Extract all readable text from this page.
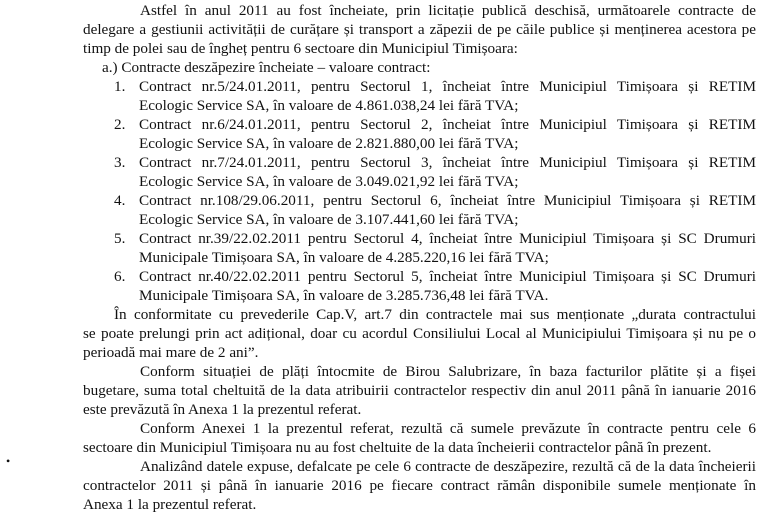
Astfel în anul 2011 au fost încheiate, prin licitație publică deschisă, următoarele contracte de
delegare a gestiunii activității de curățare și transport a zăpezii de pe căile publice și menținerea acestora pe
timp de polei sau de îngheț pentru 6 sectoare din Municipiul Timișoara:
a.) Contracte deszăpezire încheiate – valoare contract:
1. Contract nr.5/24.01.2011, pentru Sectorul 1, încheiat între Municipiul Timișoara și RETIM
Ecologic Service SA, în valoare de 4.861.038,24 lei fără TVA;
2. Contract nr.6/24.01.2011, pentru Sectorul 2, încheiat între Municipiul Timișoara și RETIM
Ecologic Service SA, în valoare de 2.821.880,00 lei fără TVA;
3. Contract nr.7/24.01.2011, pentru Sectorul 3, încheiat între Municipiul Timișoara și RETIM
Ecologic Service SA, în valoare de 3.049.021,92 lei fără TVA;
4. Contract nr.108/29.06.2011, pentru Sectorul 6, încheiat între Municipiul Timișoara și RETIM
Ecologic Service SA, în valoare de 3.107.441,60 lei fără TVA;
5. Contract nr.39/22.02.2011 pentru Sectorul 4, încheiat între Municipiul Timișoara și SC Drumuri
Municipale Timișoara SA, în valoare de 4.285.220,16 lei fără TVA;
6. Contract nr.40/22.02.2011 pentru Sectorul 5, încheiat între Municipiul Timișoara și SC Drumuri
Municipale Timișoara SA, în valoare de 3.285.736,48 lei fără TVA.
În conformitate cu prevederile Cap.V, art.7 din contractele mai sus menționate „durata contractului
se poate prelungi prin act adițional, doar cu acordul Consiliului Local al Municipiului Timișoara și nu pe o
perioadă mai mare de 2 ani”.
Conform situației de plăți întocmite de Birou Salubrizare, în baza facturilor plătite și a fișei
bugetare, suma total cheltuită de la data atribuirii contractelor respectiv din anul 2011 până în ianuarie 2016
este prevăzută în Anexa 1 la prezentul referat.
Conform Anexei 1 la prezentul referat, rezultă că sumele prevăzute în contracte pentru cele 6
sectoare din Municipiul Timișoara nu au fost cheltuite de la data încheierii contractelor până în prezent.
Analizând datele expuse, defalcate pe cele 6 contracte de deszăpezire, rezultă că de la data încheierii
contractelor 2011 și până în ianuarie 2016 pe fiecare contract rămân disponibile sumele menționate în
Anexa 1 la prezentul referat.
•
